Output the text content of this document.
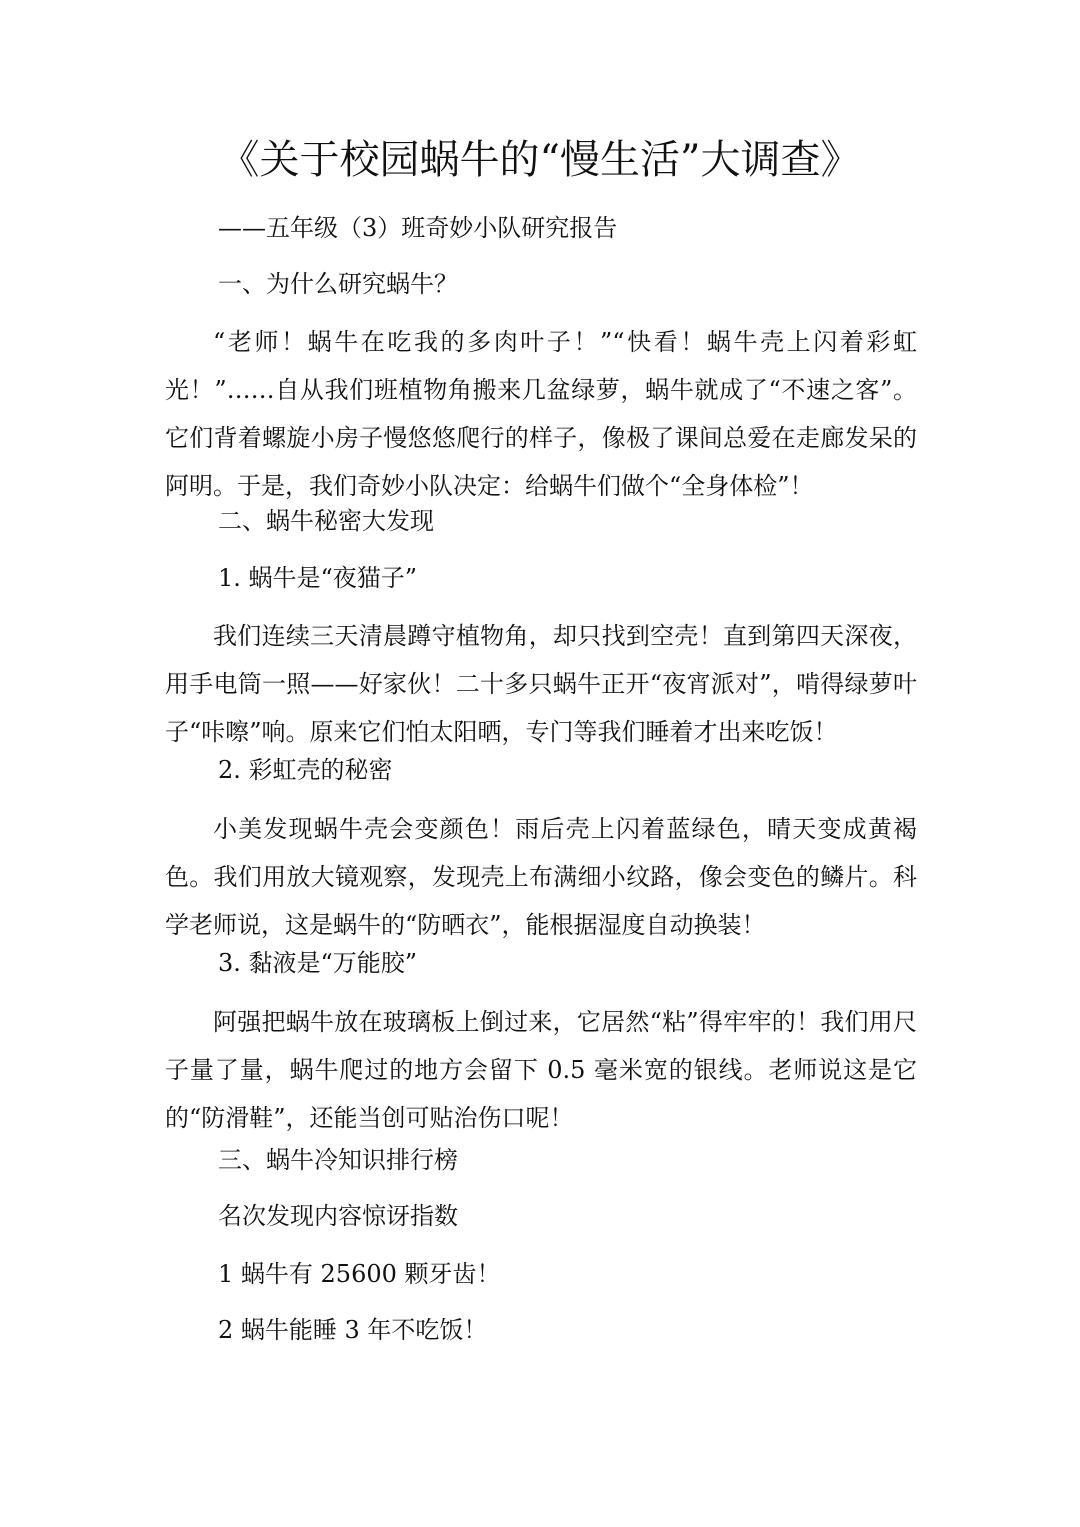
《关于校园蜗牛的“慢生活”大调查》
——五年级（3）班奇妙小队研究报告
一、为什么研究蜗牛？
“老师！蜗牛在吃我的多肉叶子！”“快看！蜗牛壳上闪着彩虹光！”……自从我们班植物角搬来几盆绿萝，蜗牛就成了“不速之客”。它们背着螺旋小房子慢悠悠爬行的样子，像极了课间总爱在走廊发呆的阿明。于是，我们奇妙小队决定：给蜗牛们做个“全身体检”！
二、蜗牛秘密大发现
1. 蜗牛是“夜猫子”
我们连续三天清晨蹲守植物角，却只找到空壳！直到第四天深夜，用手电筒一照——好家伙！二十多只蜗牛正开“夜宵派对”，啃得绿萝叶子“咔嚓”响。原来它们怕太阳晒，专门等我们睡着才出来吃饭！
2. 彩虹壳的秘密
小美发现蜗牛壳会变颜色！雨后壳上闪着蓝绿色，晴天变成黄褐色。我们用放大镜观察，发现壳上布满细小纹路，像会变色的鳞片。科学老师说，这是蜗牛的“防晒衣”，能根据湿度自动换装！
3. 黏液是“万能胶”
阿强把蜗牛放在玻璃板上倒过来，它居然“粘”得牢牢的！我们用尺子量了量，蜗牛爬过的地方会留下 0.5 毫米宽的银线。老师说这是它的“防滑鞋”，还能当创可贴治伤口呢！
三、蜗牛冷知识排行榜
名次发现内容惊讶指数
1 蜗牛有 25600 颗牙齿！
2 蜗牛能睡 3 年不吃饭！
